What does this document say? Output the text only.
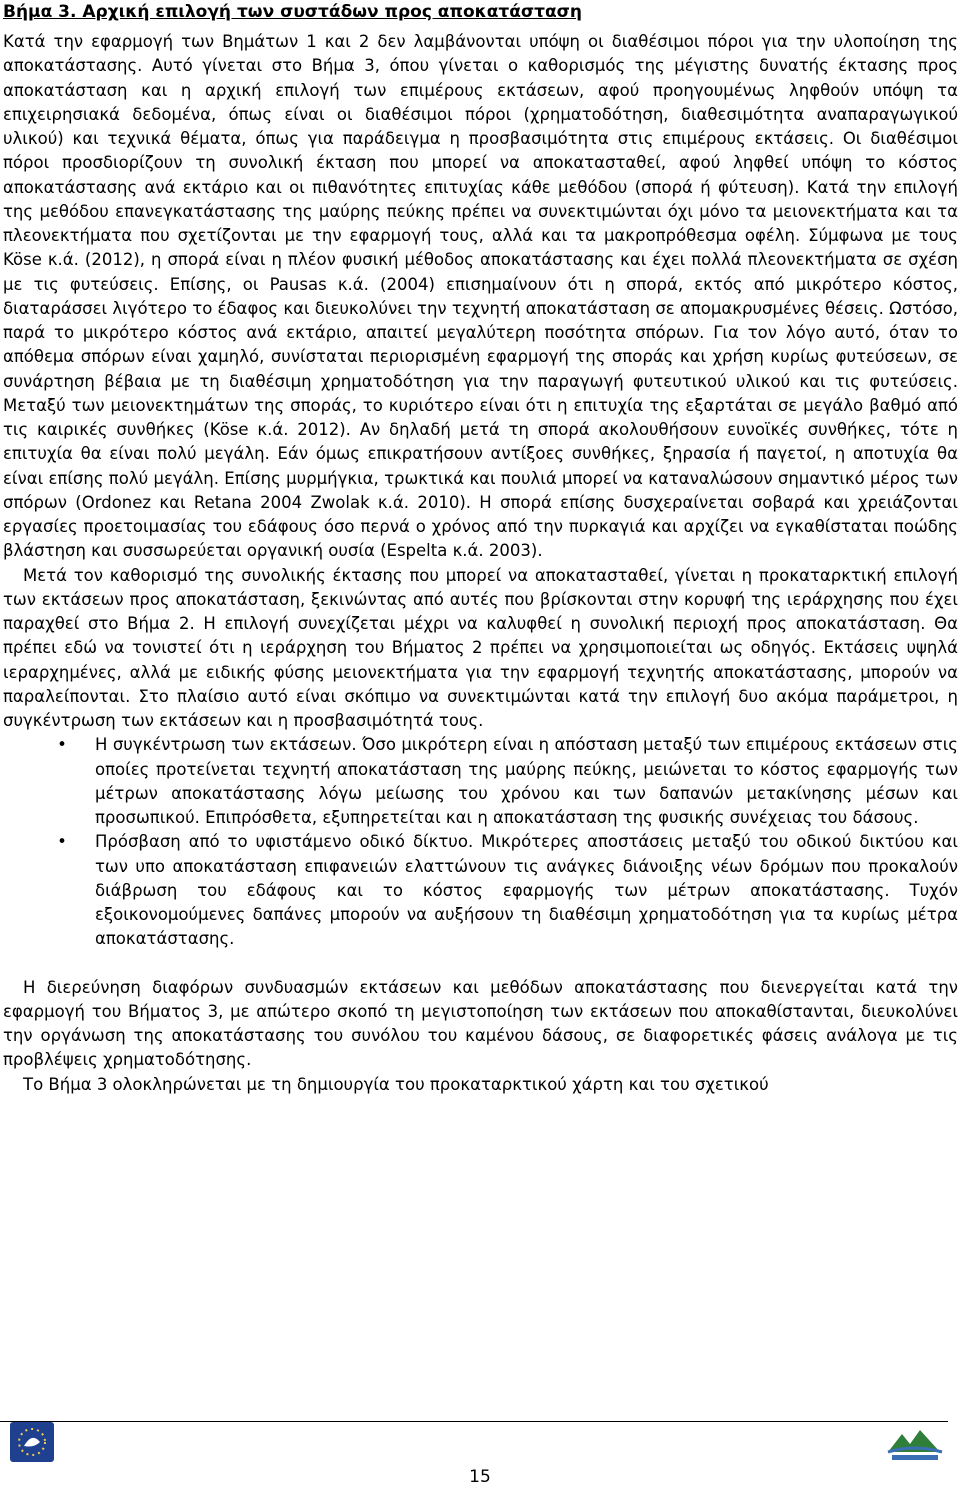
Βήμα 3. Αρχική επιλογή των συστάδων προς αποκατάσταση

Κατά την εφαρμογή των Βημάτων 1 και 2 δεν λαμβάνονται υπόψη οι διαθέσιμοι πόροι για την υλοποίηση της αποκατάστασης. Αυτό γίνεται στο Βήμα 3, όπου γίνεται ο καθορισμός της μέγιστης δυνατής έκτασης προς αποκατάσταση και η αρχική επιλογή των επιμέρους εκτάσεων, αφού προηγουμένως ληφθούν υπόψη τα επιχειρησιακά δεδομένα, όπως είναι οι διαθέσιμοι πόροι (χρηματοδότηση, διαθεσιμότητα αναπαραγωγικού υλικού) και τεχνικά θέματα, όπως για παράδειγμα η προσβασιμότητα στις επιμέρους εκτάσεις. Οι διαθέσιμοι πόροι προσδιορίζουν τη συνολική έκταση που μπορεί να αποκατασταθεί, αφού ληφθεί υπόψη το κόστος αποκατάστασης ανά εκτάριο και οι πιθανότητες επιτυχίας κάθε μεθόδου (σπορά ή φύτευση). Κατά την επιλογή της μεθόδου επανεγκατάστασης της μαύρης πεύκης πρέπει να συνεκτιμώνται όχι μόνο τα μειονεκτήματα και τα πλεονεκτήματα που σχετίζονται με την εφαρμογή τους, αλλά και τα μακροπρόθεσμα οφέλη. Σύμφωνα με τους Köse κ.ά. (2012), η σπορά είναι η πλέον φυσική μέθοδος αποκατάστασης και έχει πολλά πλεονεκτήματα σε σχέση με τις φυτεύσεις. Επίσης, οι Pausas κ.ά. (2004) επισημαίνουν ότι η σπορά, εκτός από μικρότερο κόστος, διαταράσσει λιγότερο το έδαφος και διευκολύνει την τεχνητή αποκατάσταση σε απομακρυσμένες θέσεις. Ωστόσο, παρά το μικρότερο κόστος ανά εκτάριο, απαιτεί μεγαλύτερη ποσότητα σπόρων. Για τον λόγο αυτό, όταν το απόθεμα σπόρων είναι χαμηλό, συνίσταται περιορισμένη εφαρμογή της σποράς και χρήση κυρίως φυτεύσεων, σε συνάρτηση βέβαια με τη διαθέσιμη χρηματοδότηση για την παραγωγή φυτευτικού υλικού και τις φυτεύσεις. Μεταξύ των μειονεκτημάτων της σποράς, το κυριότερο είναι ότι η επιτυχία της εξαρτάται σε μεγάλο βαθμό από τις καιρικές συνθήκες (Köse κ.ά. 2012). Αν δηλαδή μετά τη σπορά ακολουθήσουν ευνοϊκές συνθήκες, τότε η επιτυχία θα είναι πολύ μεγάλη. Εάν όμως επικρατήσουν αντίξοες συνθήκες, ξηρασία ή παγετοί, η αποτυχία θα είναι επίσης πολύ μεγάλη. Επίσης μυρμήγκια, τρωκτικά και πουλιά μπορεί να καταναλώσουν σημαντικό μέρος των σπόρων (Ordonez και Retana 2004 Zwolak κ.ά. 2010). Η σπορά επίσης δυσχεραίνεται σοβαρά και χρειάζονται εργασίες προετοιμασίας του εδάφους όσο περνά ο χρόνος από την πυρκαγιά και αρχίζει να εγκαθίσταται ποώδης βλάστηση και συσσωρεύεται οργανική ουσία (Espelta κ.ά. 2003).

Μετά τον καθορισμό της συνολικής έκτασης που μπορεί να αποκατασταθεί, γίνεται η προκαταρκτική επιλογή των εκτάσεων προς αποκατάσταση, ξεκινώντας από αυτές που βρίσκονται στην κορυφή της ιεράρχησης που έχει παραχθεί στο Βήμα 2. Η επιλογή συνεχίζεται μέχρι να καλυφθεί η συνολική περιοχή προς αποκατάσταση. Θα πρέπει εδώ να τονιστεί ότι η ιεράρχηση του Βήματος 2 πρέπει να χρησιμοποιείται ως οδηγός. Εκτάσεις υψηλά ιεραρχημένες, αλλά με ειδικής φύσης μειονεκτήματα για την εφαρμογή τεχνητής αποκατάστασης, μπορούν να παραλείπονται. Στο πλαίσιο αυτό είναι σκόπιμο να συνεκτιμώνται κατά την επιλογή δυο ακόμα παράμετροι, η συγκέντρωση των εκτάσεων και η προσβασιμότητά τους.

• Η συγκέντρωση των εκτάσεων. Όσο μικρότερη είναι η απόσταση μεταξύ των επιμέρους εκτάσεων στις οποίες προτείνεται τεχνητή αποκατάσταση της μαύρης πεύκης, μειώνεται το κόστος εφαρμογής των μέτρων αποκατάστασης λόγω μείωσης του χρόνου και των δαπανών μετακίνησης μέσων και προσωπικού. Επιπρόσθετα, εξυπηρετείται και η αποκατάσταση της φυσικής συνέχειας του δάσους.
• Πρόσβαση από το υφιστάμενο οδικό δίκτυο. Μικρότερες αποστάσεις μεταξύ του οδικού δικτύου και των υπο αποκατάσταση επιφανειών ελαττώνουν τις ανάγκες διάνοιξης νέων δρόμων που προκαλούν διάβρωση του εδάφους και το κόστος εφαρμογής των μέτρων αποκατάστασης. Τυχόν εξοικονομούμενες δαπάνες μπορούν να αυξήσουν τη διαθέσιμη χρηματοδότηση για τα κυρίως μέτρα αποκατάστασης.

Η διερεύνηση διαφόρων συνδυασμών εκτάσεων και μεθόδων αποκατάστασης που διενεργείται κατά την εφαρμογή του Βήματος 3, με απώτερο σκοπό τη μεγιστοποίηση των εκτάσεων που αποκαθίστανται, διευκολύνει την οργάνωση της αποκατάστασης του συνόλου του καμένου δάσους, σε διαφορετικές φάσεις ανάλογα με τις προβλέψεις χρηματοδότησης.

Το Βήμα 3 ολοκληρώνεται με τη δημιουργία του προκαταρκτικού χάρτη και του σχετικού

15
